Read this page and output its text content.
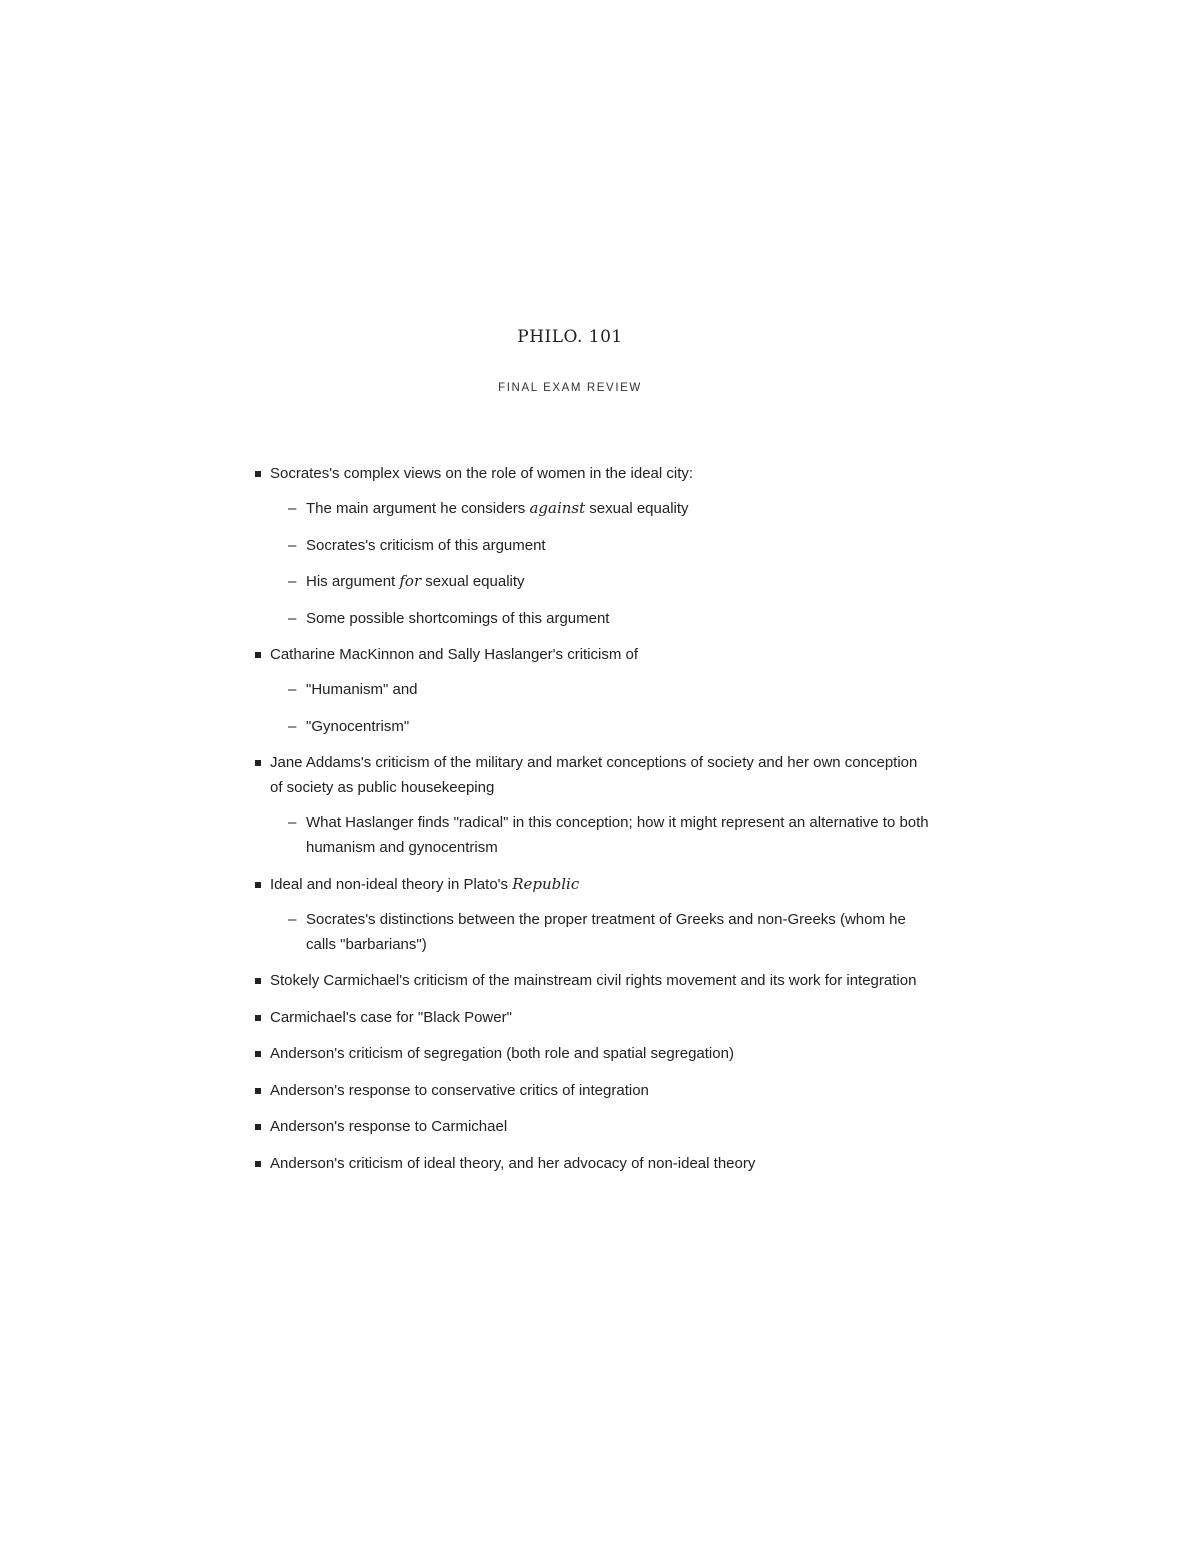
PHILO. 101
FINAL EXAM REVIEW
Socrates's complex views on the role of women in the ideal city:
– The main argument he considers against sexual equality
– Socrates's criticism of this argument
– His argument for sexual equality
– Some possible shortcomings of this argument
Catharine MacKinnon and Sally Haslanger's criticism of
– "Humanism" and
– "Gynocentrism"
Jane Addams's criticism of the military and market conceptions of society and her own conception of society as public housekeeping
– What Haslanger finds "radical" in this conception; how it might represent an alternative to both humanism and gynocentrism
Ideal and non-ideal theory in Plato's Republic
– Socrates's distinctions between the proper treatment of Greeks and non-Greeks (whom he calls "barbarians")
Stokely Carmichael's criticism of the mainstream civil rights movement and its work for integration
Carmichael's case for "Black Power"
Anderson's criticism of segregation (both role and spatial segregation)
Anderson's response to conservative critics of integration
Anderson's response to Carmichael
Anderson's criticism of ideal theory, and her advocacy of non-ideal theory
